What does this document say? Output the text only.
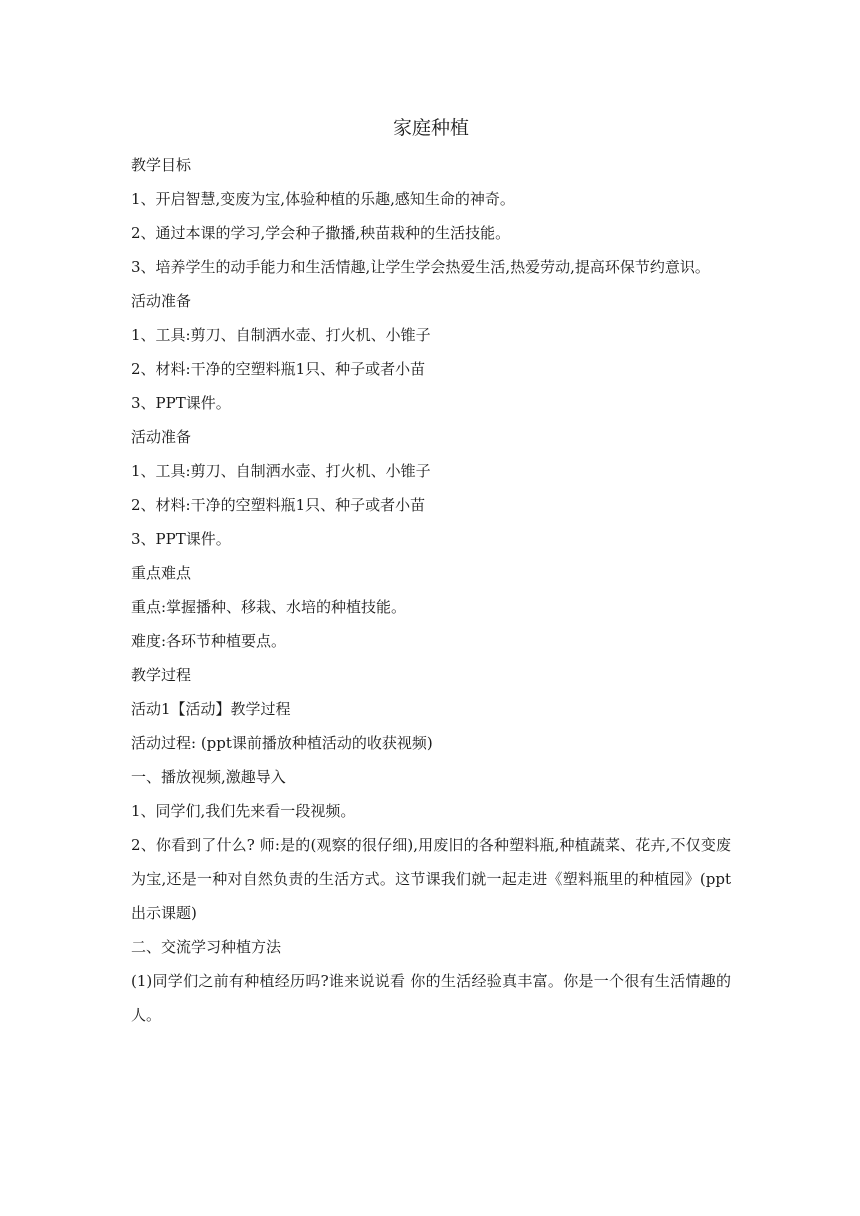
家庭种植

教学目标

1、开启智慧,变废为宝,体验种植的乐趣,感知生命的神奇。

2、通过本课的学习,学会种子撒播,秧苗栽种的生活技能。

3、培养学生的动手能力和生活情趣,让学生学会热爱生活,热爱劳动,提高环保节约意识。

活动准备

1、工具:剪刀、自制洒水壶、打火机、小锥子

2、材料:干净的空塑料瓶1只、种子或者小苗

3、PPT课件。

活动准备

1、工具:剪刀、自制洒水壶、打火机、小锥子

2、材料:干净的空塑料瓶1只、种子或者小苗

3、PPT课件。

重点难点

重点:掌握播种、移栽、水培的种植技能。

难度:各环节种植要点。

教学过程

活动1【活动】教学过程

活动过程: (ppt课前播放种植活动的收获视频)

一、播放视频,激趣导入

1、同学们,我们先来看一段视频。

2、你看到了什么? 师:是的(观察的很仔细),用废旧的各种塑料瓶,种植蔬菜、花卉,不仅变废为宝,还是一种对自然负责的生活方式。这节课我们就一起走进《塑料瓶里的种植园》(ppt出示课题)

二、交流学习种植方法

(1)同学们之前有种植经历吗?谁来说说看 你的生活经验真丰富。你是一个很有生活情趣的人。
